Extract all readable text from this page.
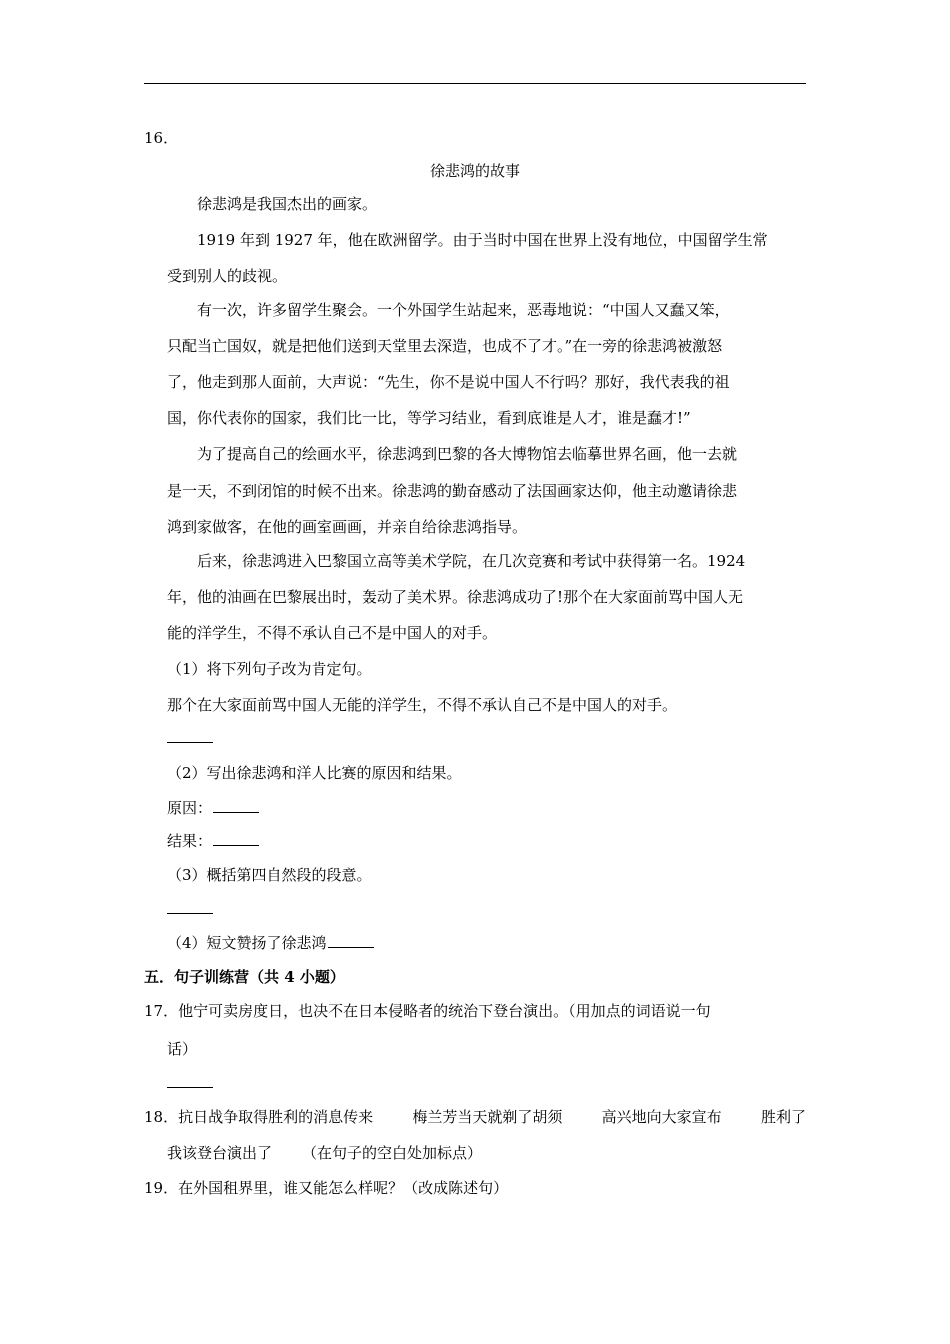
16．
徐悲鸿的故事
徐悲鸿是我国杰出的画家。
1919 年到 1927 年，他在欧洲留学。由于当时中国在世界上没有地位，中国留学生常
受到别人的歧视。
有一次，许多留学生聚会。一个外国学生站起来，恶毒地说：“中国人又蠢又笨，
只配当亡国奴，就是把他们送到天堂里去深造，也成不了才。”在一旁的徐悲鸿被激怒
了，他走到那人面前，大声说：“先生，你不是说中国人不行吗？那好，我代表我的祖
国，你代表你的国家，我们比一比，等学习结业，看到底谁是人才，谁是蠢才!”
为了提高自己的绘画水平，徐悲鸿到巴黎的各大博物馆去临摹世界名画，他一去就
是一天，不到闭馆的时候不出来。徐悲鸿的勤奋感动了法国画家达仰，他主动邀请徐悲
鸿到家做客，在他的画室画画，并亲自给徐悲鸿指导。
后来，徐悲鸿进入巴黎国立高等美术学院，在几次竞赛和考试中获得第一名。1924
年，他的油画在巴黎展出时，轰动了美术界。徐悲鸿成功了!那个在大家面前骂中国人无
能的洋学生，不得不承认自己不是中国人的对手。
（1）将下列句子改为肯定句。
那个在大家面前骂中国人无能的洋学生，不得不承认自己不是中国人的对手。
（2）写出徐悲鸿和洋人比赛的原因和结果。
原因：
结果：
（3）概括第四自然段的段意。
（4）短文赞扬了徐悲鸿
五．句子训练营（共 4 小题）
17．他宁可卖房度日，也决不在日本侵略者的统治下登台演出。（用加点的词语说一句
话）
18．抗日战争取得胜利的消息传来	梅兰芳当天就剃了胡须	高兴地向大家宣布	胜利了
我该登台演出了 （在句子的空白处加标点）
19．在外国租界里，谁又能怎么样呢？（改成陈述句）
